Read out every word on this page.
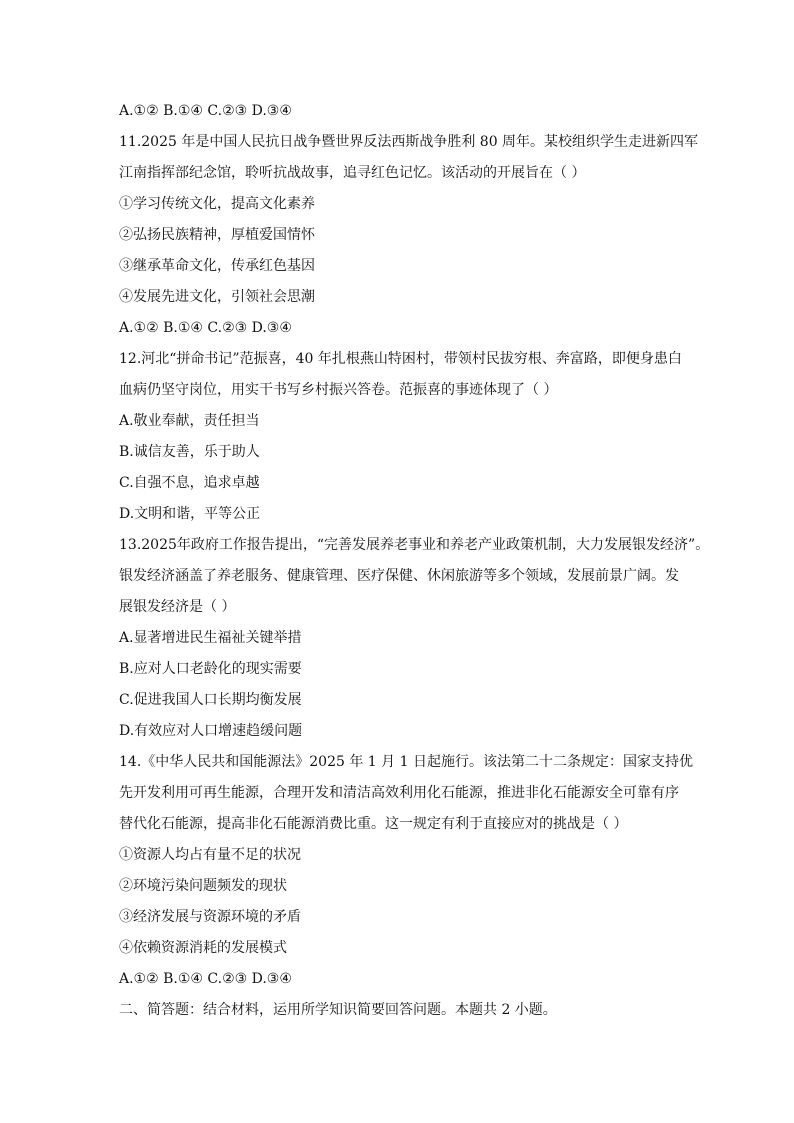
A.①② B.①④ C.②③ D.③④
11.2025 年是中国人民抗日战争暨世界反法西斯战争胜利 80 周年。某校组织学生走进新四军
江南指挥部纪念馆，聆听抗战故事，追寻红色记忆。该活动的开展旨在（ ）
①学习传统文化，提高文化素养
②弘扬民族精神，厚植爱国情怀
③继承革命文化，传承红色基因
④发展先进文化，引领社会思潮
A.①② B.①④ C.②③ D.③④
12.河北“拼命书记”范振喜，40 年扎根燕山特困村，带领村民拔穷根、奔富路，即便身患白
血病仍坚守岗位，用实干书写乡村振兴答卷。范振喜的事迹体现了（ ）
A.敬业奉献，责任担当
B.诚信友善，乐于助人
C.自强不息，追求卓越
D.文明和谐，平等公正
13.2025年政府工作报告提出，“完善发展养老事业和养老产业政策机制，大力发展银发经济”。
银发经济涵盖了养老服务、健康管理、医疗保健、休闲旅游等多个领域，发展前景广阔。发
展银发经济是（ ）
A.显著增进民生福祉关键举措
B.应对人口老龄化的现实需要
C.促进我国人口长期均衡发展
D.有效应对人口增速趋缓问题
14.《中华人民共和国能源法》2025 年 1 月 1 日起施行。该法第二十二条规定：国家支持优
先开发利用可再生能源，合理开发和清洁高效利用化石能源，推进非化石能源安全可靠有序
替代化石能源，提高非化石能源消费比重。这一规定有利于直接应对的挑战是（ ）
①资源人均占有量不足的状况
②环境污染问题频发的现状
③经济发展与资源环境的矛盾
④依赖资源消耗的发展模式
A.①② B.①④ C.②③ D.③④
二、简答题：结合材料，运用所学知识简要回答问题。本题共 2 小题。
